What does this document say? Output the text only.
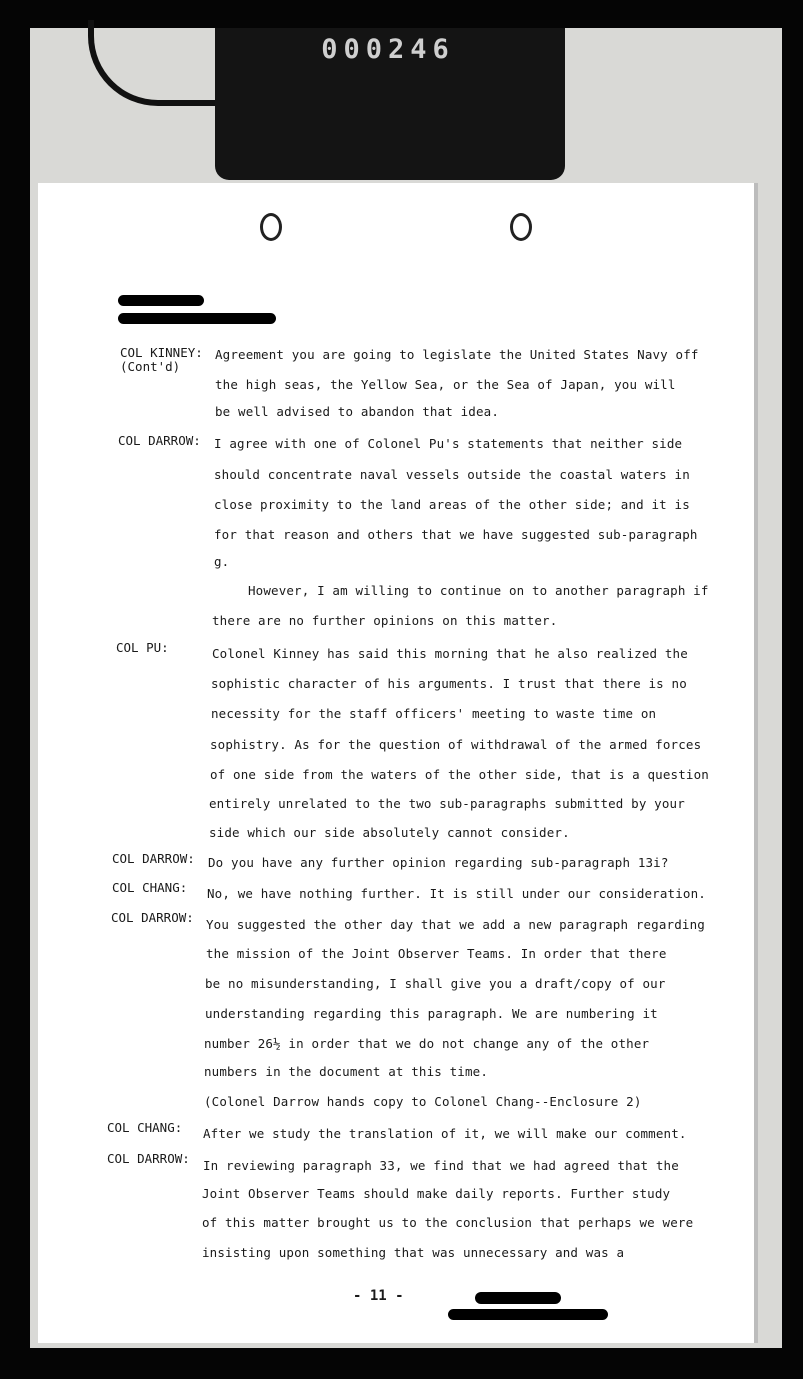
000246
COL KINNEY:
(Cont'd)
Agreement you are going to legislate the United States Navy off
the high seas, the Yellow Sea, or the Sea of Japan, you will
be well advised to abandon that idea.
COL DARROW: I agree with one of Colonel Pu's statements that neither side
should concentrate naval vessels outside the coastal waters in
close proximity to the land areas of the other side; and it is
for that reason and others that we have suggested sub-paragraph
g.
However, I am willing to continue on to another paragraph if
there are no further opinions on this matter.
COL PU:	Colonel Kinney has said this morning that he also realized the
sophistic character of his arguments. I trust that there is no
necessity for the staff officers' meeting to waste time on
sophistry. As for the question of withdrawal of the armed forces
of one side from the waters of the other side, that is a question
entirely unrelated to the two sub-paragraphs submitted by your
side which our side absolutely cannot consider.
COL DARROW: Do you have any further opinion regarding sub-paragraph 13i?
COL CHANG: No, we have nothing further. It is still under our consideration.
COL DARROW: You suggested the other day that we add a new paragraph regarding
the mission of the Joint Observer Teams. In order that there
be no misunderstanding, I shall give you a draft/copy of our
understanding regarding this paragraph. We are numbering it
number 26½ in order that we do not change any of the other
numbers in the document at this time.
(Colonel Darrow hands copy to Colonel Chang--Enclosure 2)
COL CHANG: After we study the translation of it, we will make our comment.
COL DARROW: In reviewing paragraph 33, we find that we had agreed that the
Joint Observer Teams should make daily reports. Further study
of this matter brought us to the conclusion that perhaps we were
insisting upon something that was unnecessary and was a
- 11 -
